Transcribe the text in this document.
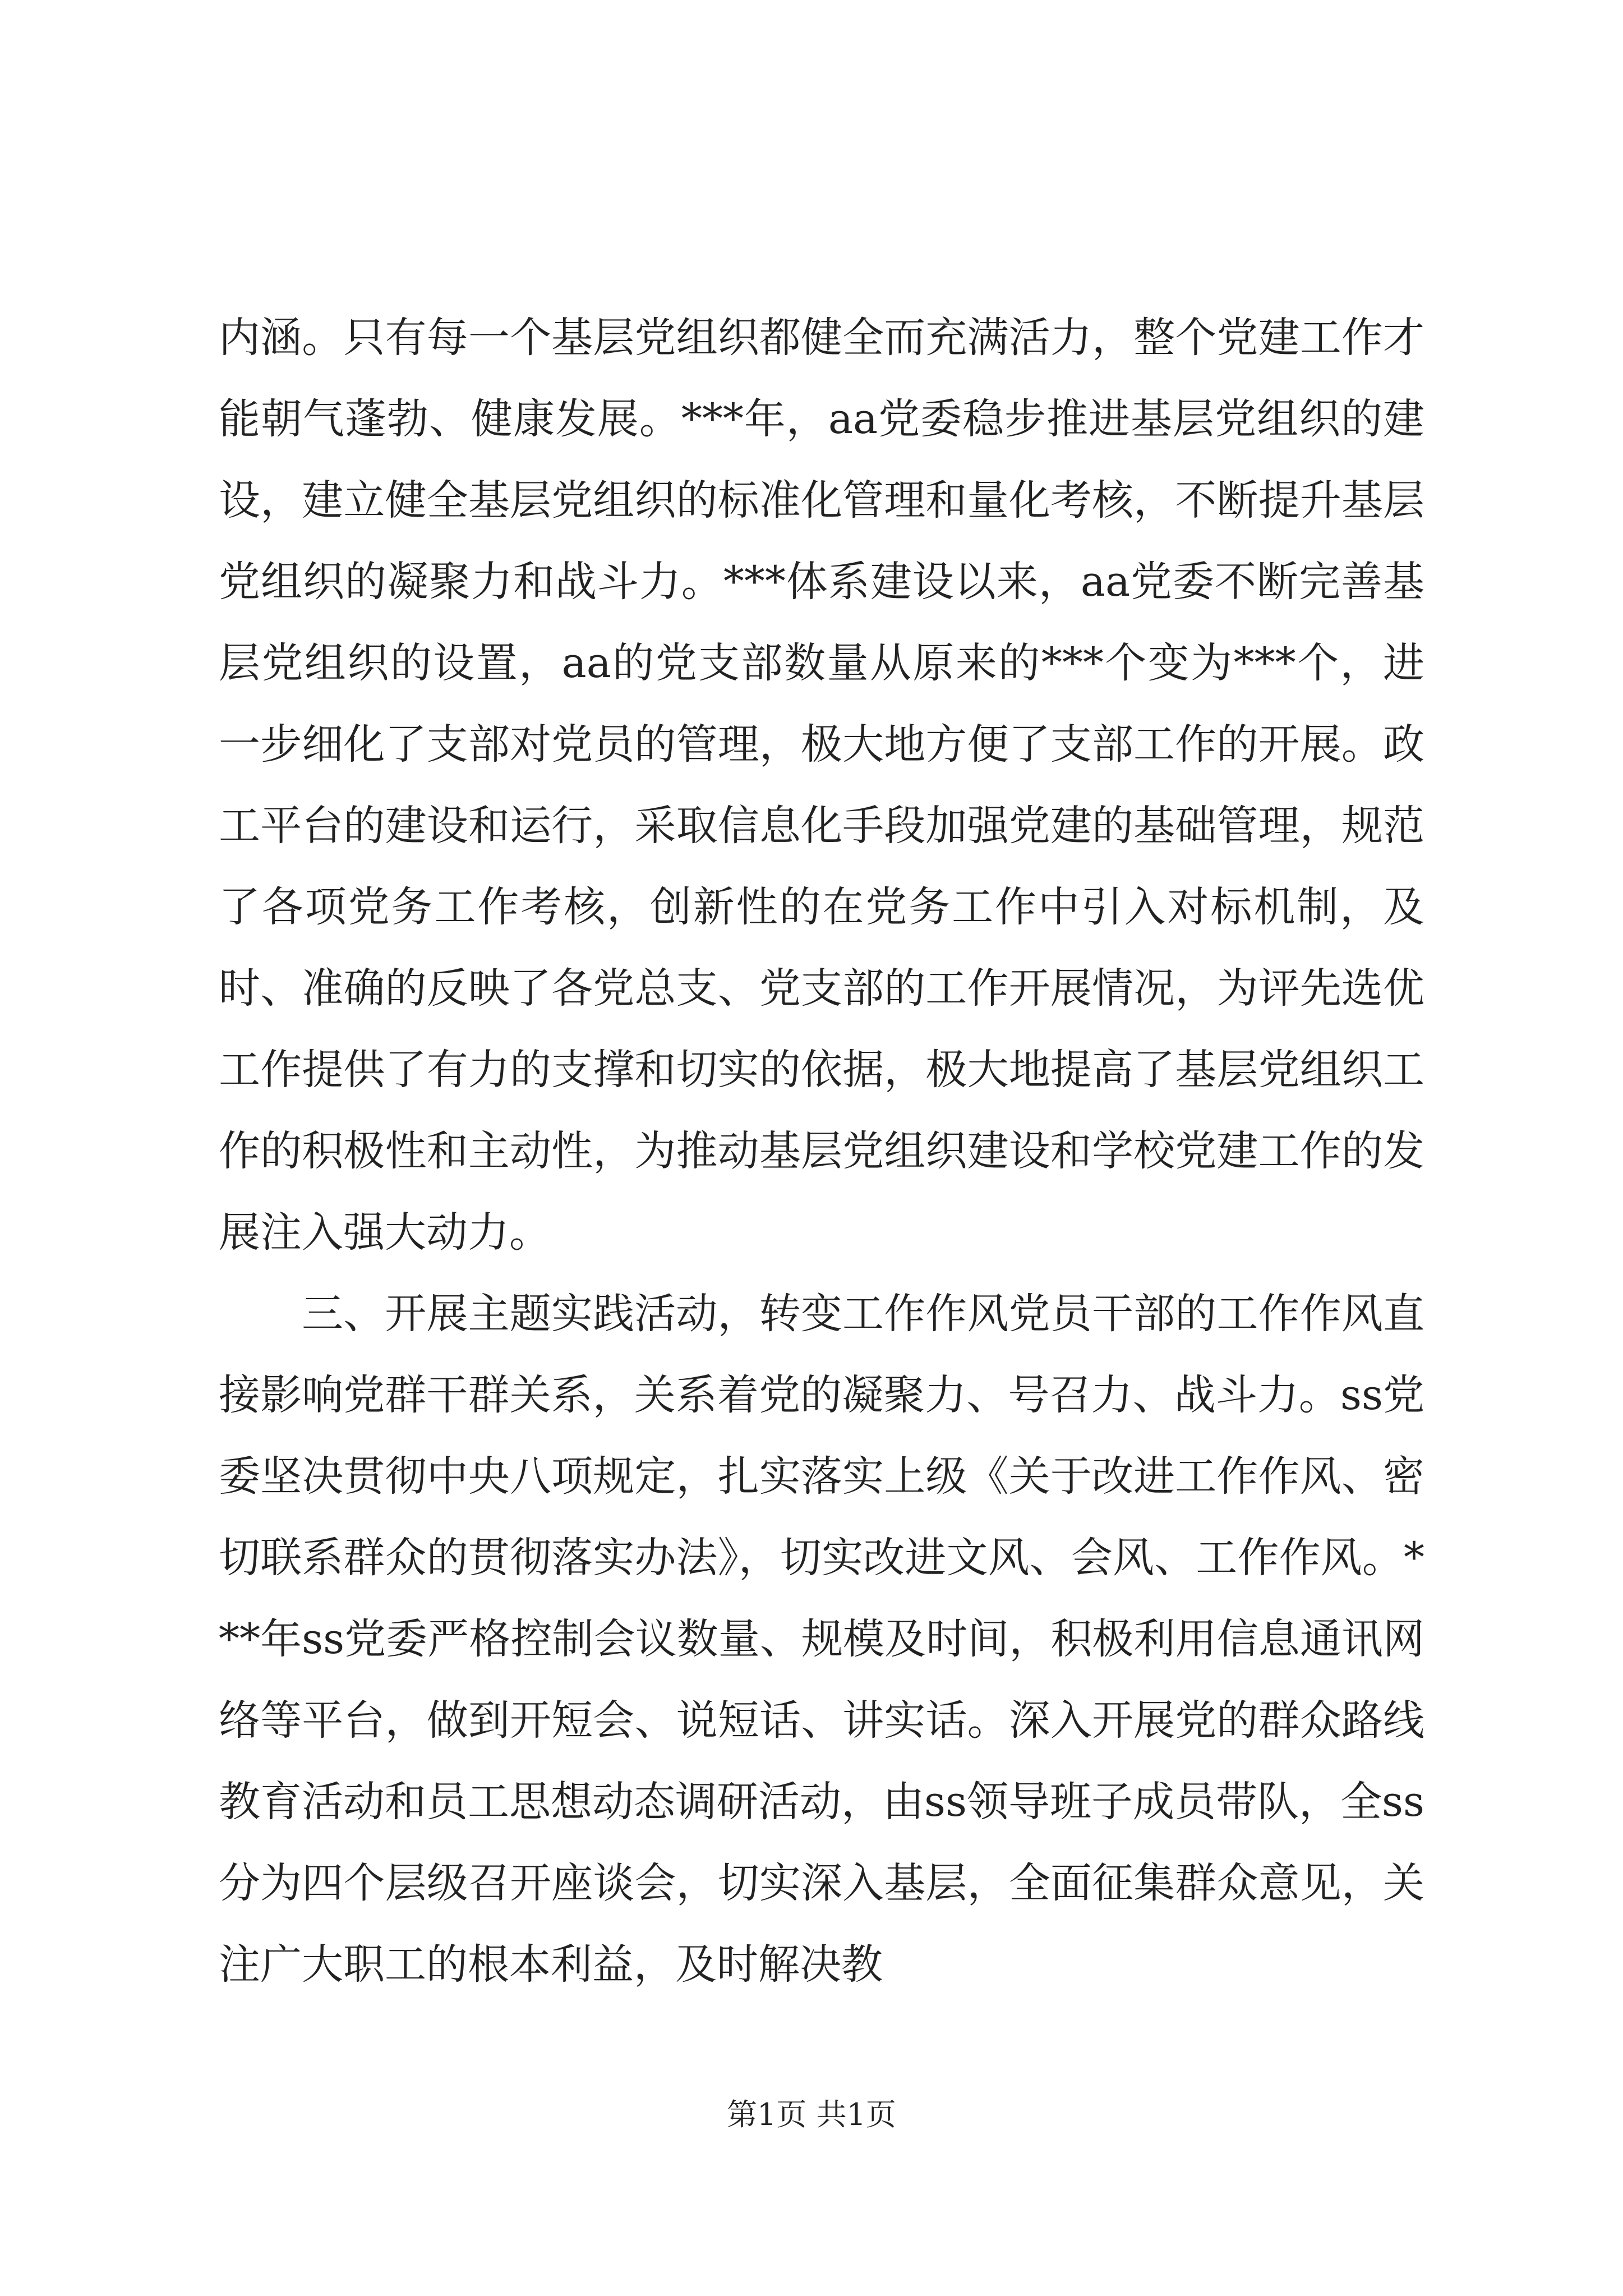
内涵。只有每一个基层党组织都健全而充满活力，整个党建工作才能朝气蓬勃、健康发展。***年，aa党委稳步推进基层党组织的建设，建立健全基层党组织的标准化管理和量化考核，不断提升基层党组织的凝聚力和战斗力。***体系建设以来，aa党委不断完善基层党组织的设置，aa的党支部数量从原来的***个变为***个，进一步细化了支部对党员的管理，极大地方便了支部工作的开展。政工平台的建设和运行，采取信息化手段加强党建的基础管理，规范了各项党务工作考核，创新性的在党务工作中引入对标机制，及时、准确的反映了各党总支、党支部的工作开展情况，为评先选优工作提供了有力的支撑和切实的依据，极大地提高了基层党组织工作的积极性和主动性，为推动基层党组织建设和学校党建工作的发展注入强大动力。

三、开展主题实践活动，转变工作作风党员干部的工作作风直接影响党群干群关系，关系着党的凝聚力、号召力、战斗力。ss党委坚决贯彻中央八项规定，扎实落实上级《关于改进工作作风、密切联系群众的贯彻落实办法》，切实改进文风、会风、工作作风。***年ss党委严格控制会议数量、规模及时间，积极利用信息通讯网络等平台，做到开短会、说短话、讲实话。深入开展党的群众路线教育活动和员工思想动态调研活动，由ss领导班子成员带队，全ss分为四个层级召开座谈会，切实深入基层，全面征集群众意见，关注广大职工的根本利益，及时解决教

第1页 共1页
